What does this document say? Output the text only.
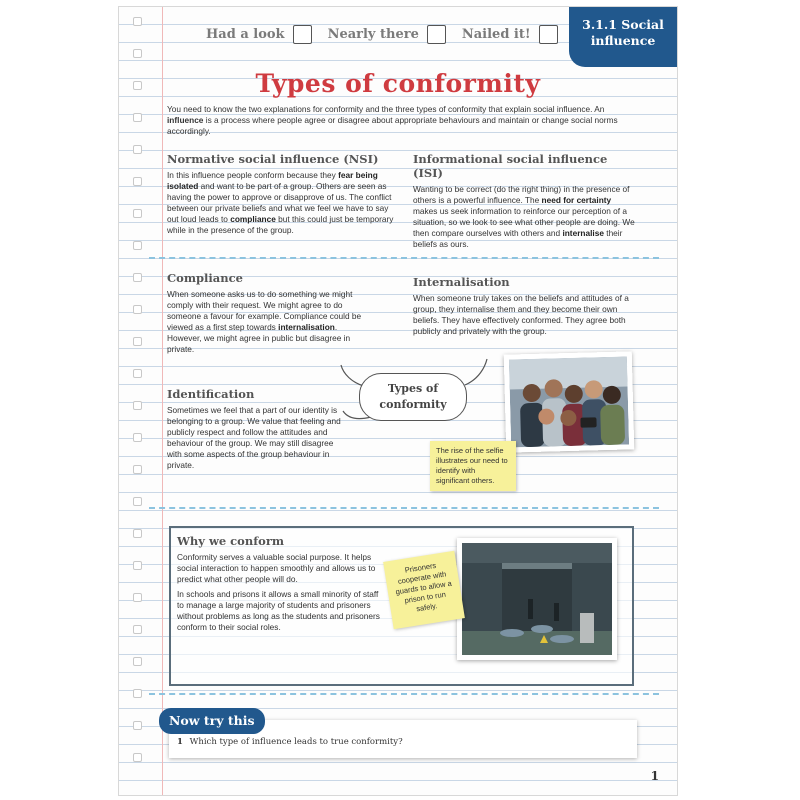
Had a look	Nearly there	Nailed it!
3.1.1 Social
influence
Types of conformity

You need to know the two explanations for conformity and the three types of conformity that explain social influence. An influence is a process where people agree or disagree about appropriate behaviours and maintain or change social norms accordingly.

Normative social influence (NSI)

In this influence people conform because they fear being isolated and want to be part of a group. Others are seen as having the power to approve or disapprove of us. The conflict between our private beliefs and what we feel we have to say out loud leads to compliance but this could just be temporary while in the presence of the group.

Informational social influence (ISI)

Wanting to be correct (do the right thing) in the presence of others is a powerful influence. The need for certainty makes us seek information to reinforce our perception of a situation, so we look to see what other people are doing. We then compare ourselves with others and internalise their beliefs as ours.

Compliance

When someone asks us to do something we might comply with their request. We might agree to do someone a favour for example. Compliance could be viewed as a first step towards internalisation. However, we might agree in public but disagree in private.

Internalisation

When someone truly takes on the beliefs and attitudes of a group, they internalise them and they become their own beliefs. They have effectively conformed. They agree both publicly and privately with the group.

Types of
conformity
Identification

Sometimes we feel that a part of our identity is belonging to a group. We value that feeling and publicly respect and follow the attitudes and behaviour of the group. We may still disagree with some aspects of the group behaviour in private.

The rise of the selfie illustrates our need to identify with significant others.
Why we conform

Conformity serves a valuable social purpose. It helps social interaction to happen smoothly and allows us to predict what other people will do.

In schools and prisons it allows a small minority of staff to manage a large majority of students and prisoners without problems as long as the students and prisoners conform to their social roles.

Prisoners cooperate with guards to allow a prison to run safely.
Now try this
1 Which type of influence leads to true conformity?
1
